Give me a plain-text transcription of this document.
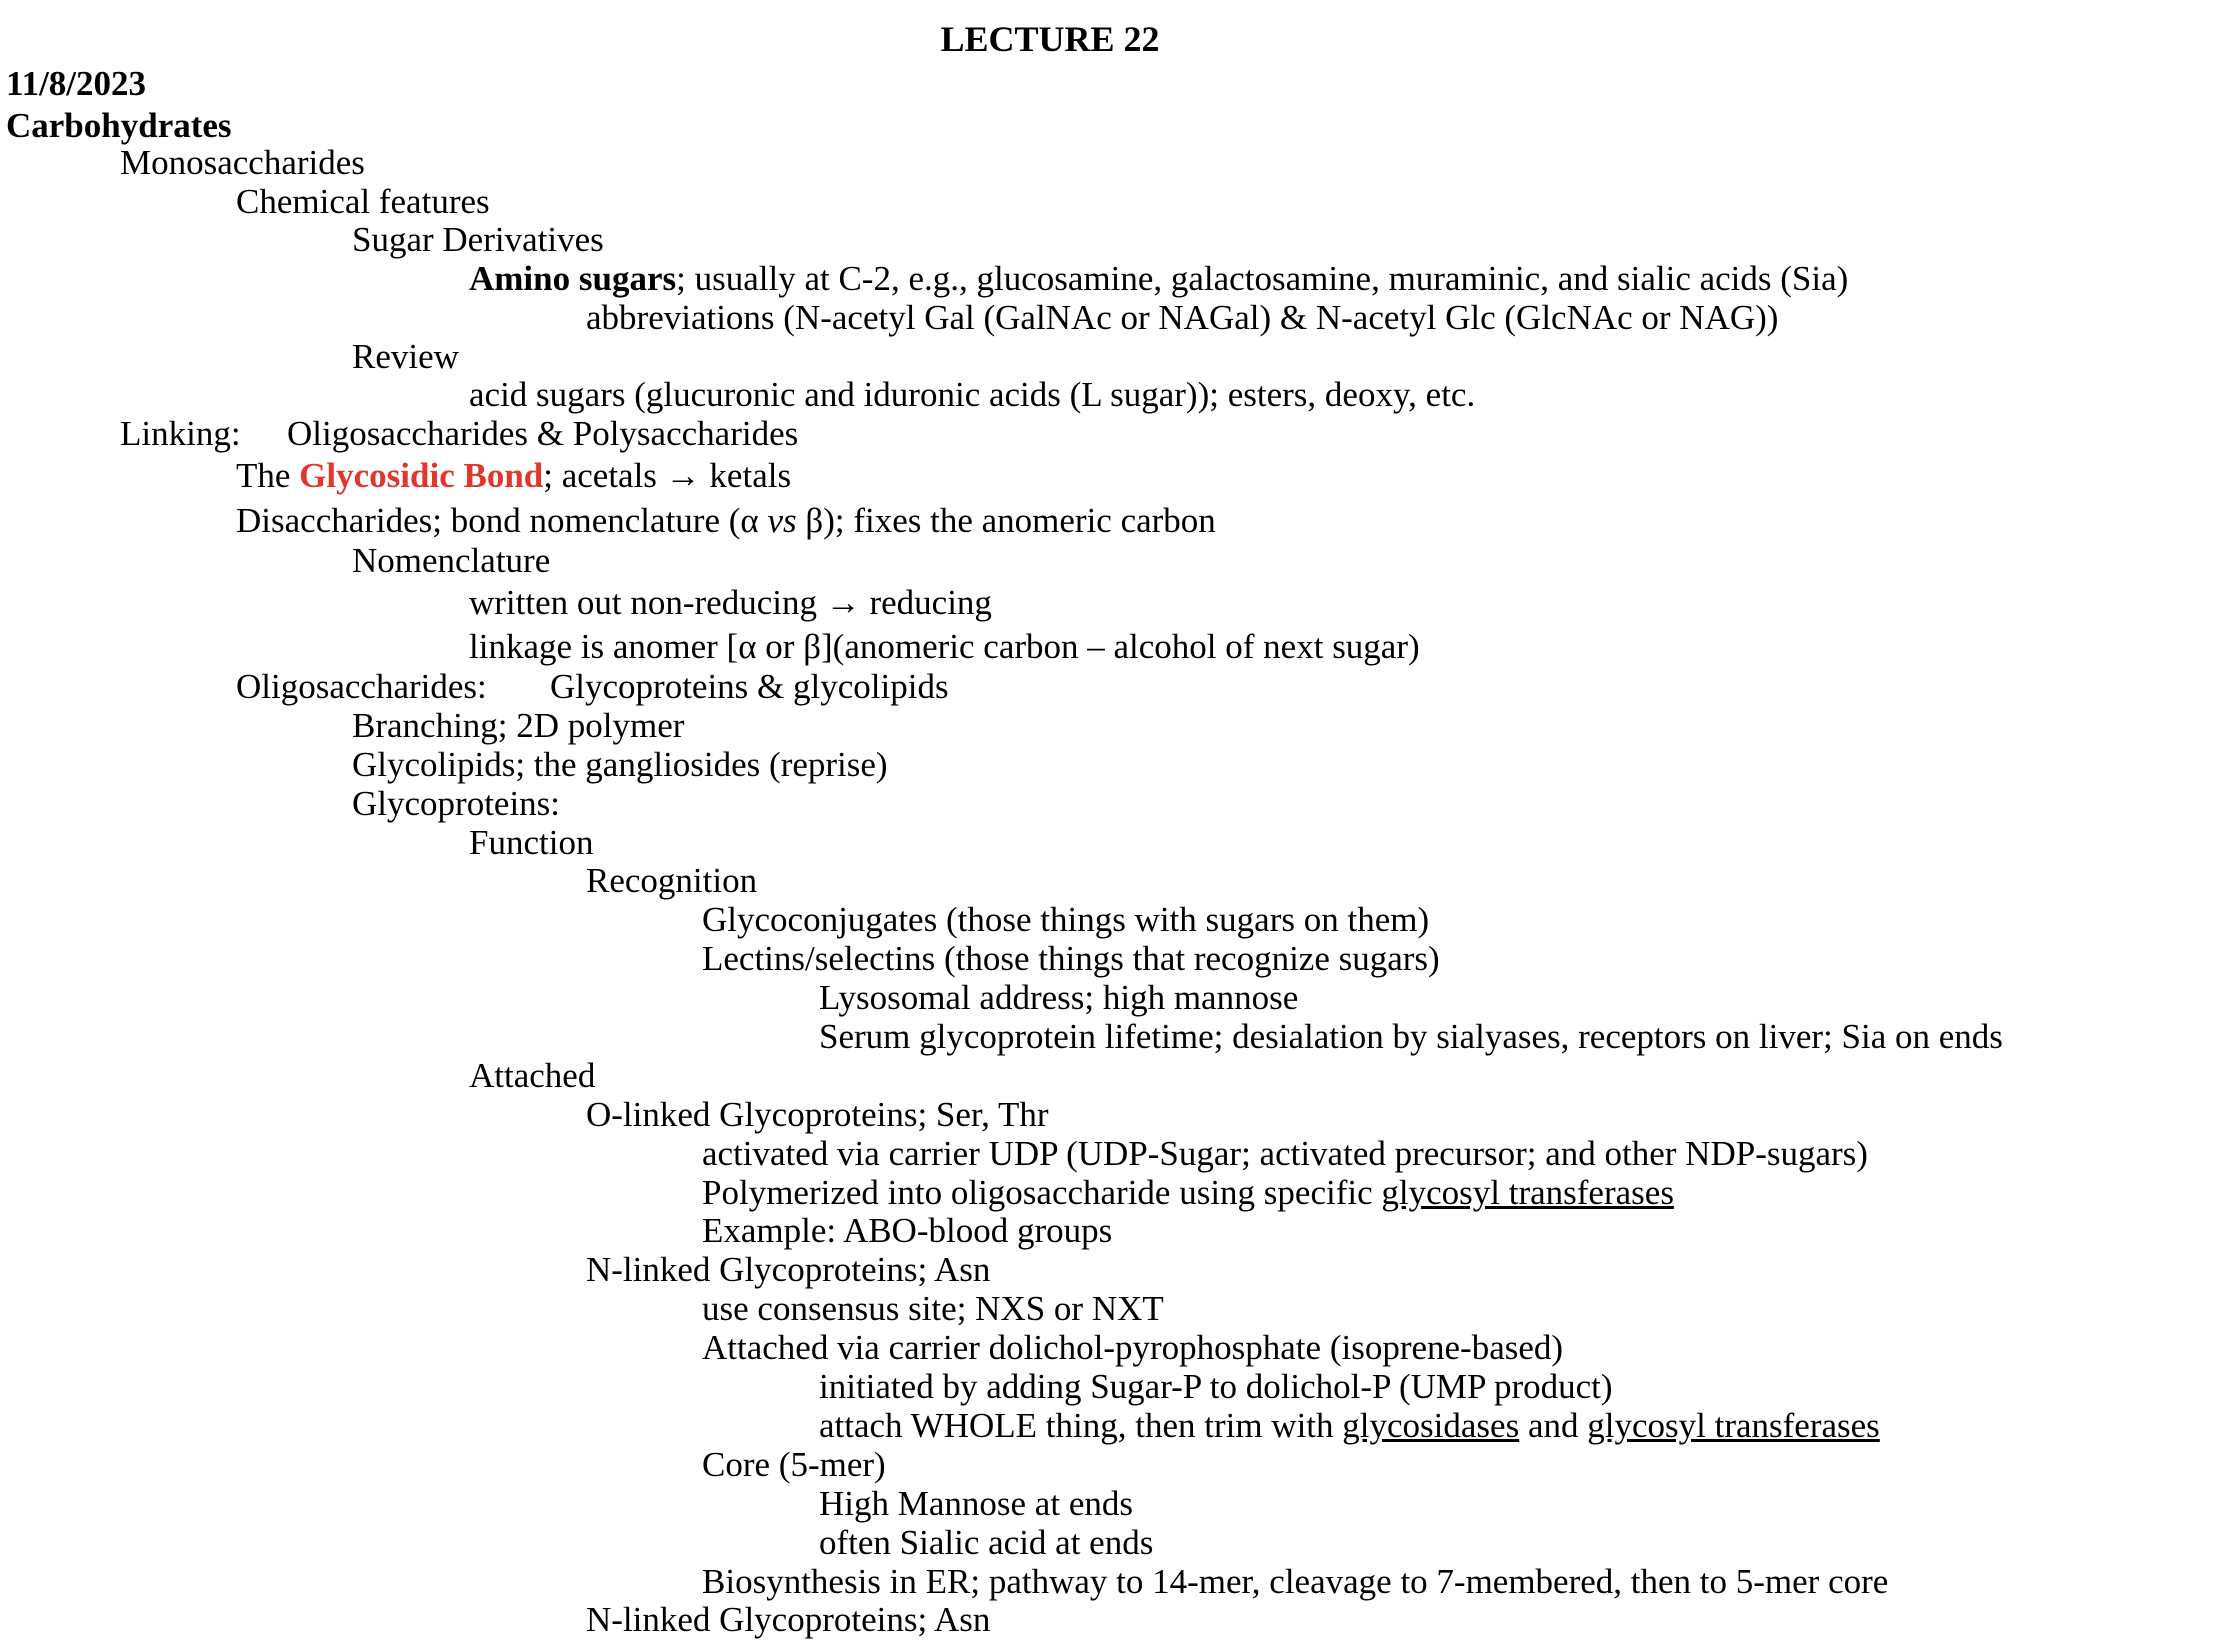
LECTURE 22
11/8/2023
Carbohydrates
Monosaccharides
Chemical features
Sugar Derivatives
Amino sugars; usually at C-2, e.g., glucosamine, galactosamine, muraminic, and sialic acids (Sia)
abbreviations (N-acetyl Gal (GalNAc or NAGal) & N-acetyl Glc (GlcNAc or NAG))
Review
acid sugars (glucuronic and iduronic acids (L sugar)); esters, deoxy, etc.
Linking: Oligosaccharides & Polysaccharides
The Glycosidic Bond; acetals → ketals
Disaccharides; bond nomenclature (α vs β); fixes the anomeric carbon
Nomenclature
written out non-reducing → reducing
linkage is anomer [α or β](anomeric carbon – alcohol of next sugar)
Oligosaccharides: Glycoproteins & glycolipids
Branching; 2D polymer
Glycolipids; the gangliosides (reprise)
Glycoproteins:
Function
Recognition
Glycoconjugates (those things with sugars on them)
Lectins/selectins (those things that recognize sugars)
Lysosomal address; high mannose
Serum glycoprotein lifetime; desialation by sialyases, receptors on liver; Sia on ends
Attached
O-linked Glycoproteins; Ser, Thr
activated via carrier UDP (UDP-Sugar; activated precursor; and other NDP-sugars)
Polymerized into oligosaccharide using specific glycosyl transferases
Example: ABO-blood groups
N-linked Glycoproteins; Asn
use consensus site; NXS or NXT
Attached via carrier dolichol-pyrophosphate (isoprene-based)
initiated by adding Sugar-P to dolichol-P (UMP product)
attach WHOLE thing, then trim with glycosidases and glycosyl transferases
Core (5-mer)
High Mannose at ends
often Sialic acid at ends
Biosynthesis in ER; pathway to 14-mer, cleavage to 7-membered, then to 5-mer core
N-linked Glycoproteins; Asn
